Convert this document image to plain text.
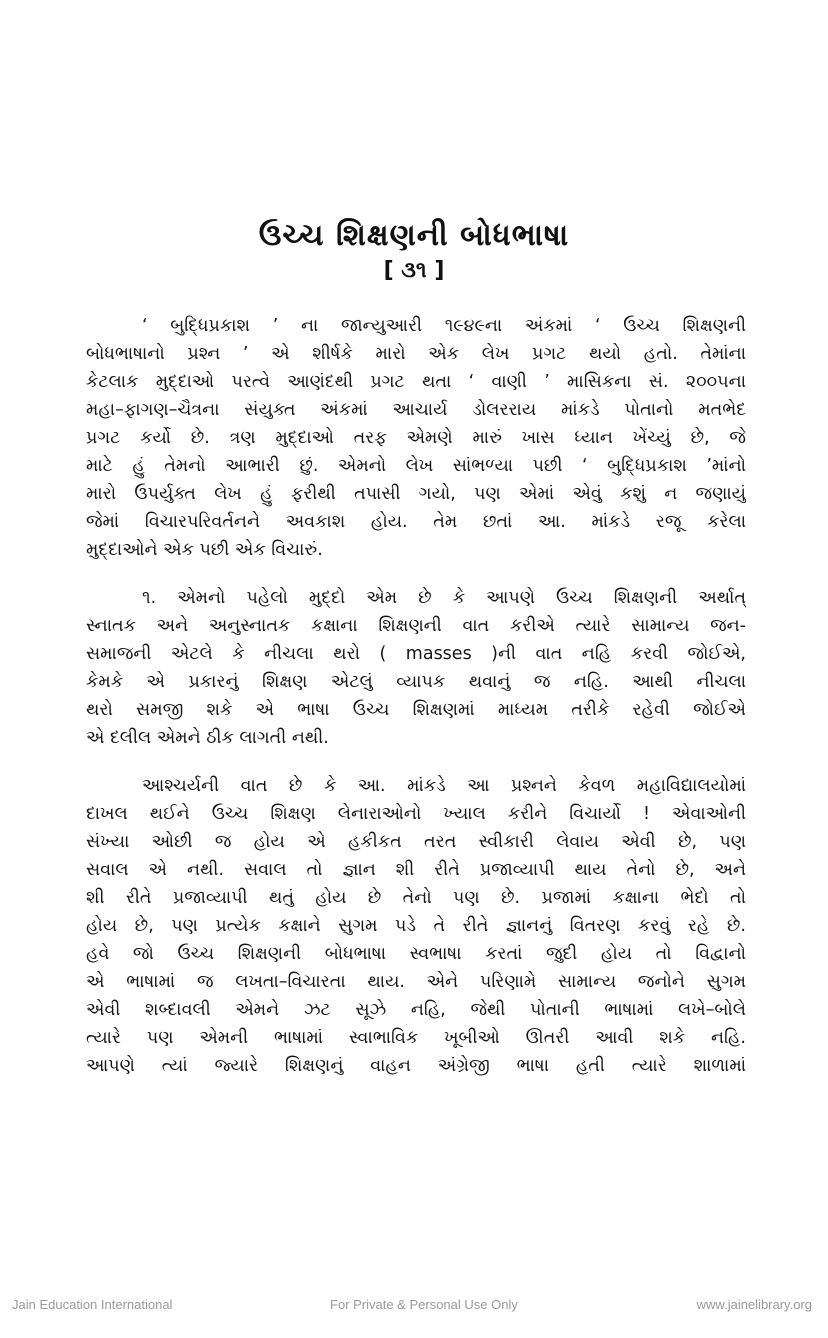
ઉચ્ચ શિક્ષણની બોધભાષા
[ ૩૧ ]
‘ બુદ્ધિપ્રકાશ ’ ના જાન્યુઆરી ૧૯૪૯ના અંકમાં ‘ ઉચ્ચ શિક્ષણની
બોધભાષાનો પ્રશ્ન ’ એ શીર્ષકે મારો એક લેખ પ્રગટ થયો હતો. તેમાંના
કેટલાક મુદ્દાઓ પરત્વે આણંદથી પ્રગટ થતા ‘ વાણી ’ માસિકના સં. ૨૦૦૫ના
મહા–ફાગણ–ચૈત્રના સંયુક્ત અંકમાં આચાર્ય ડોલરરાય માંકડે પોતાનો મતભેદ
પ્રગટ કર્યો છે. ત્રણ મુદ્દાઓ તરફ એમણે મારું ખાસ ધ્યાન ખેંચ્યું છે, જે
માટે હું તેમનો આભારી છું. એમનો લેખ સાંભળ્યા પછી ‘ બુદ્ધિપ્રકાશ ’માંનો
મારો ઉપર્યુક્ત લેખ હું ફરીથી તપાસી ગયો, પણ એમાં એવું કશું ન જણાયું
જેમાં વિચારપરિવર્તનને અવકાશ હોય. તેમ છતાં આ. માંકડે રજૂ કરેલા
મુદ્દાઓને એક પછી એક વિચારું.
૧. એમનો પહેલો મુદ્દો એમ છે કે આપણે ઉચ્ચ શિક્ષણની અર્થાત્
સ્નાતક અને અનુસ્નાતક કક્ષાના શિક્ષણની વાત કરીએ ત્યારે સામાન્ય જન-
સમાજની એટલે કે નીચલા થરો ( masses )ની વાત નહિ કરવી જોઈએ,
કેમકે એ પ્રકારનું શિક્ષણ એટલું વ્યાપક થવાનું જ નહિ. આથી નીચલા
થરો સમજી શકે એ ભાષા ઉચ્ચ શિક્ષણમાં માધ્યમ તરીકે રહેવી જોઈએ
એ દલીલ એમને ઠીક લાગતી નથી.
આશ્ચર્યની વાત છે કે આ. માંકડે આ પ્રશ્નને કેવળ મહાવિદ્યાલયોમાં
દાખલ થઈને ઉચ્ચ શિક્ષણ લેનારાઓનો ખ્યાલ કરીને વિચાર્યો ! એવાઓની
સંખ્યા ઓછી જ હોય એ હકીકત તરત સ્વીકારી લેવાય એવી છે, પણ
સવાલ એ નથી. સવાલ તો જ્ઞાન શી રીતે પ્રજાવ્યાપી થાય તેનો છે, અને
શી રીતે પ્રજાવ્યાપી થતું હોય છે તેનો પણ છે. પ્રજામાં કક્ષાના ભેદો તો
હોય છે, પણ પ્રત્યેક કક્ષાને સુગમ પડે તે રીતે જ્ઞાનનું વિતરણ કરવું રહે છે.
હવે જો ઉચ્ચ શિક્ષણની બોધભાષા સ્વભાષા કરતાં જુદી હોય તો વિદ્વાનો
એ ભાષામાં જ લખતા–વિચારતા થાય. એને પરિણામે સામાન્ય જનોને સુગમ
એવી શબ્દાવલી એમને ઝટ સૂઝે નહિ, જેથી પોતાની ભાષામાં લખે–બોલે
ત્યારે પણ એમની ભાષામાં સ્વાભાવિક ખૂબીઓ ઊતરી આવી શકે નહિ.
આપણે ત્યાં જ્યારે શિક્ષણનું વાહન અંગ્રેજી ભાષા હતી ત્યારે શાળામાં
Jain Education International	For Private & Personal Use Only	www.jainelibrary.org
